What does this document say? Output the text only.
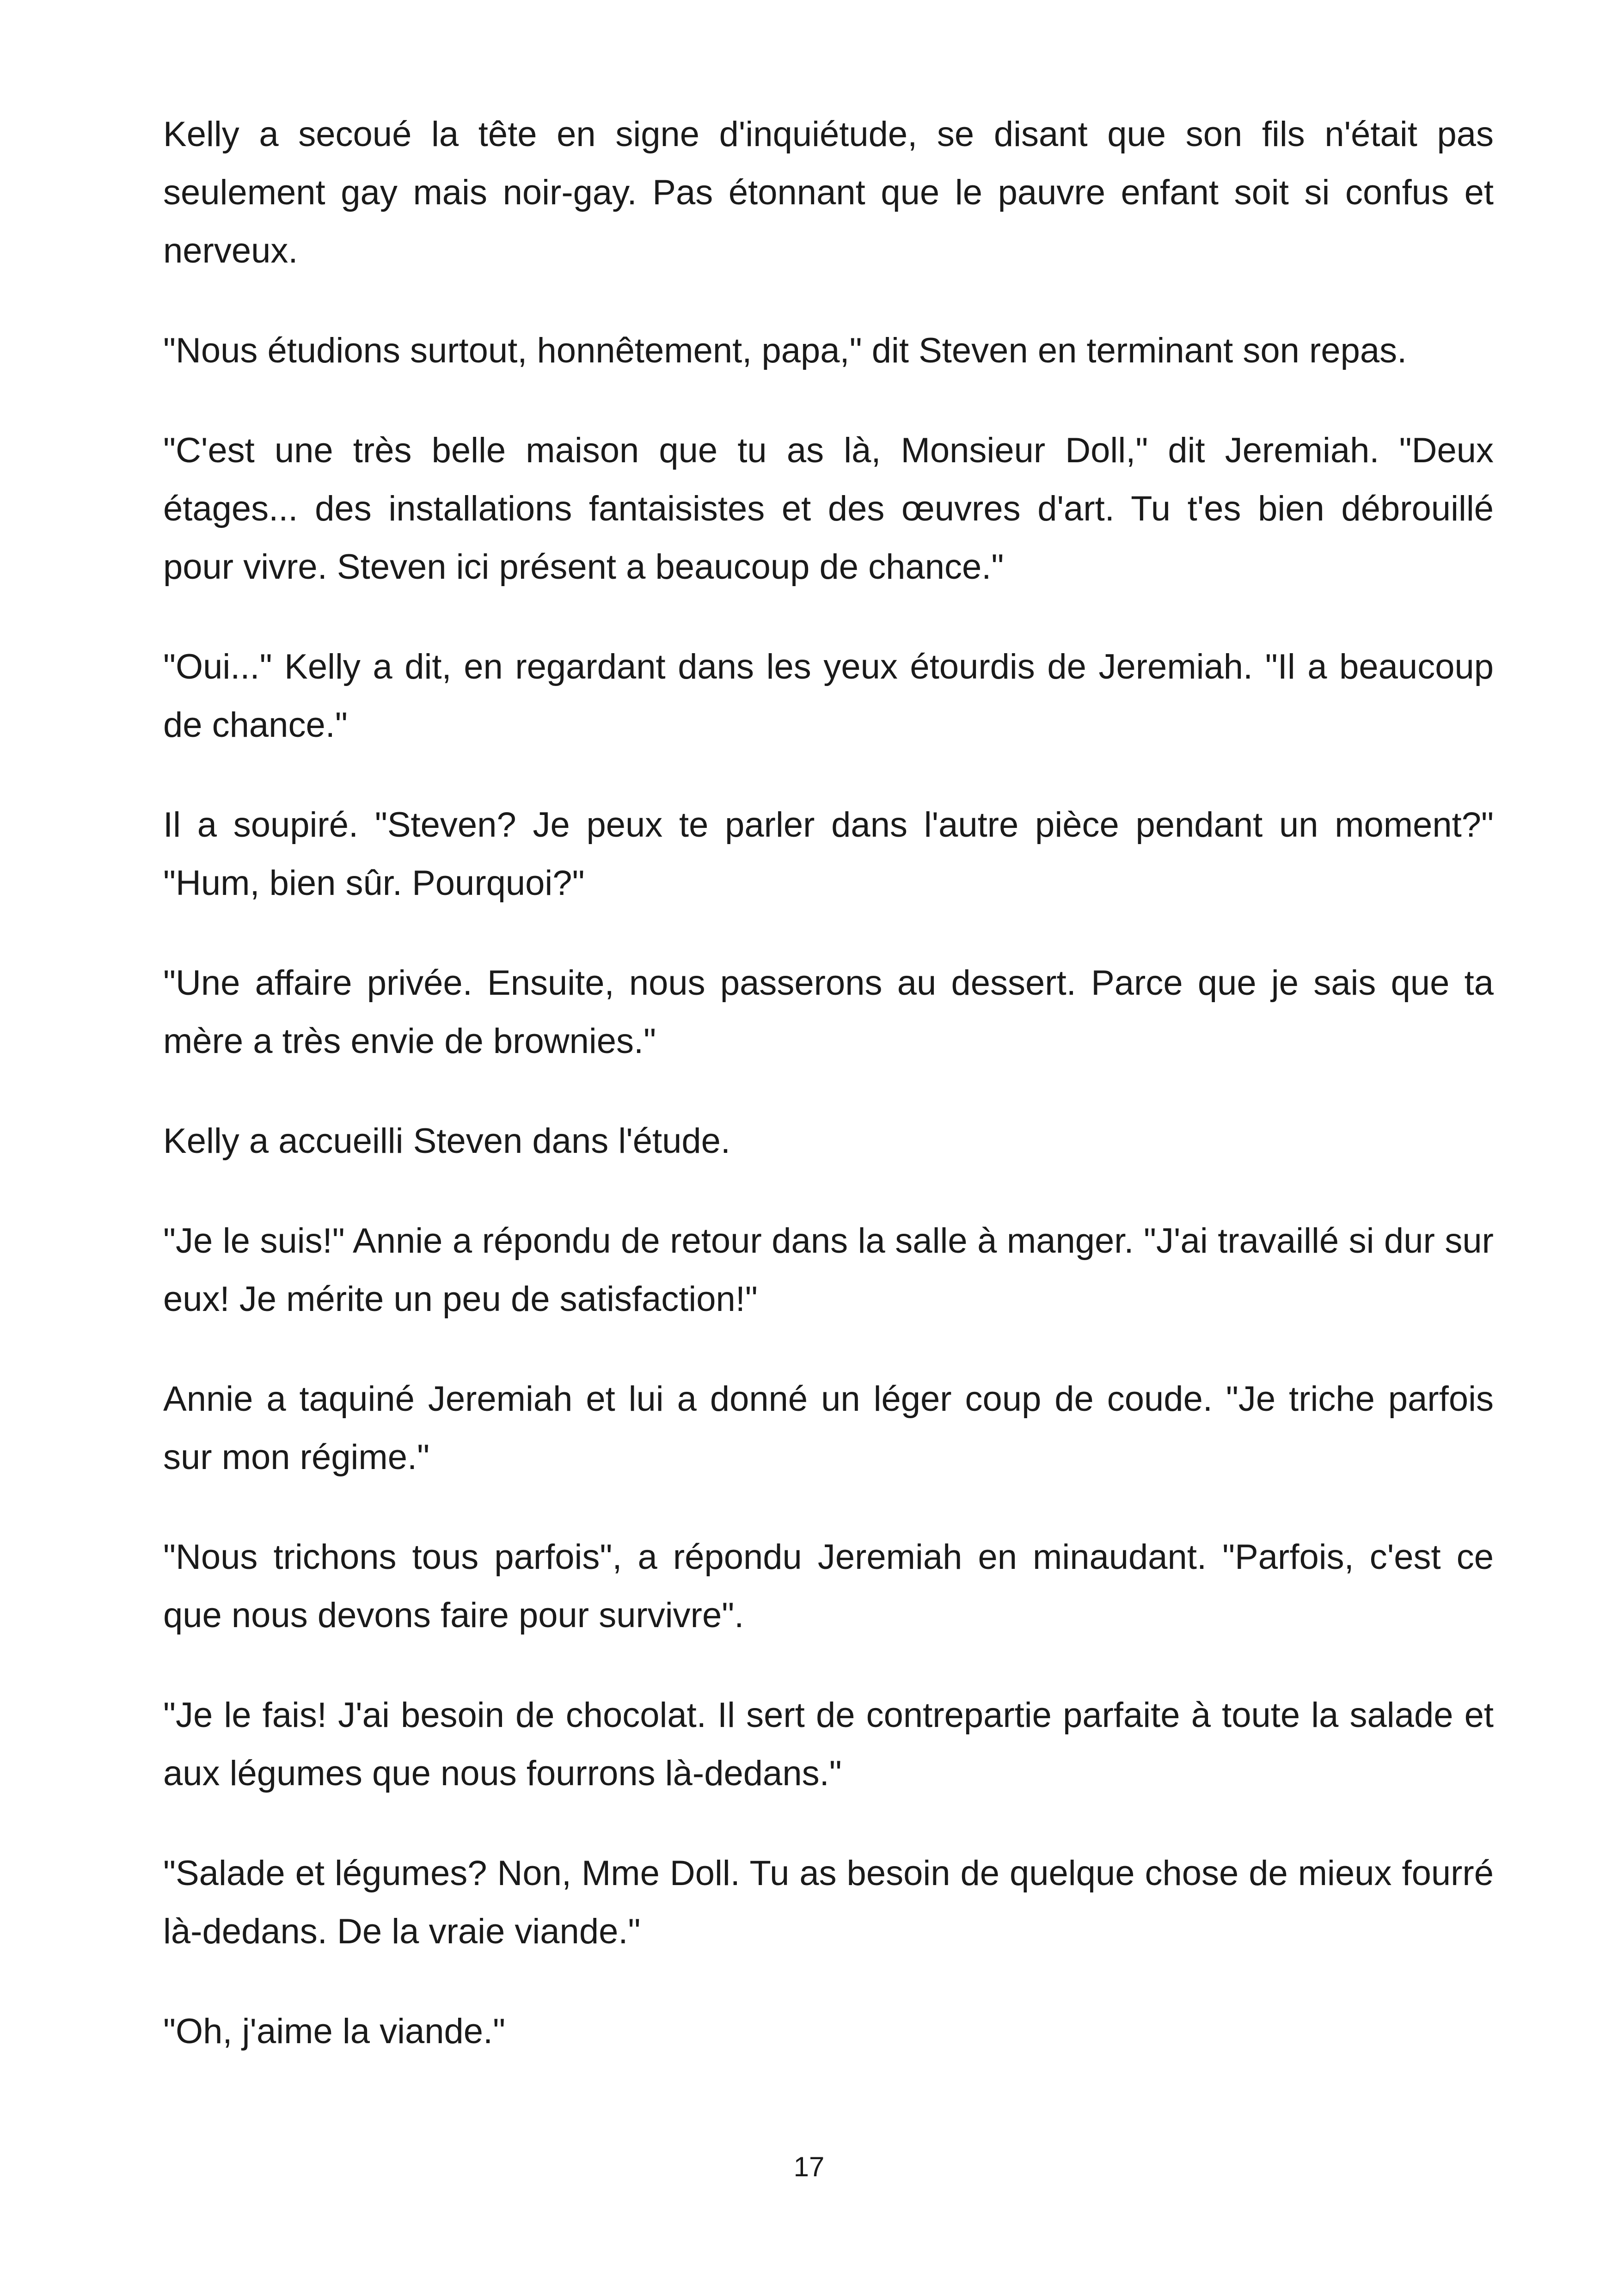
Kelly a secoué la tête en signe d'inquiétude, se disant que son fils n'était pas seulement gay mais noir-gay. Pas étonnant que le pauvre enfant soit si confus et nerveux.

"Nous étudions surtout, honnêtement, papa," dit Steven en terminant son repas.

"C'est une très belle maison que tu as là, Monsieur Doll," dit Jeremiah. "Deux étages... des installations fantaisistes et des œuvres d'art. Tu t'es bien débrouillé pour vivre. Steven ici présent a beaucoup de chance."

"Oui..." Kelly a dit, en regardant dans les yeux étourdis de Jeremiah. "Il a beaucoup de chance."

Il a soupiré. "Steven? Je peux te parler dans l'autre pièce pendant un moment?" "Hum, bien sûr. Pourquoi?"

"Une affaire privée. Ensuite, nous passerons au dessert. Parce que je sais que ta mère a très envie de brownies."

Kelly a accueilli Steven dans l'étude.

"Je le suis!" Annie a répondu de retour dans la salle à manger. "J'ai travaillé si dur sur eux! Je mérite un peu de satisfaction!"

Annie a taquiné Jeremiah et lui a donné un léger coup de coude. "Je triche parfois sur mon régime."

"Nous trichons tous parfois", a répondu Jeremiah en minaudant. "Parfois, c'est ce que nous devons faire pour survivre".

"Je le fais! J'ai besoin de chocolat. Il sert de contrepartie parfaite à toute la salade et aux légumes que nous fourrons là-dedans."

"Salade et légumes? Non, Mme Doll. Tu as besoin de quelque chose de mieux fourré là-dedans. De la vraie viande."

"Oh, j'aime la viande."

17
